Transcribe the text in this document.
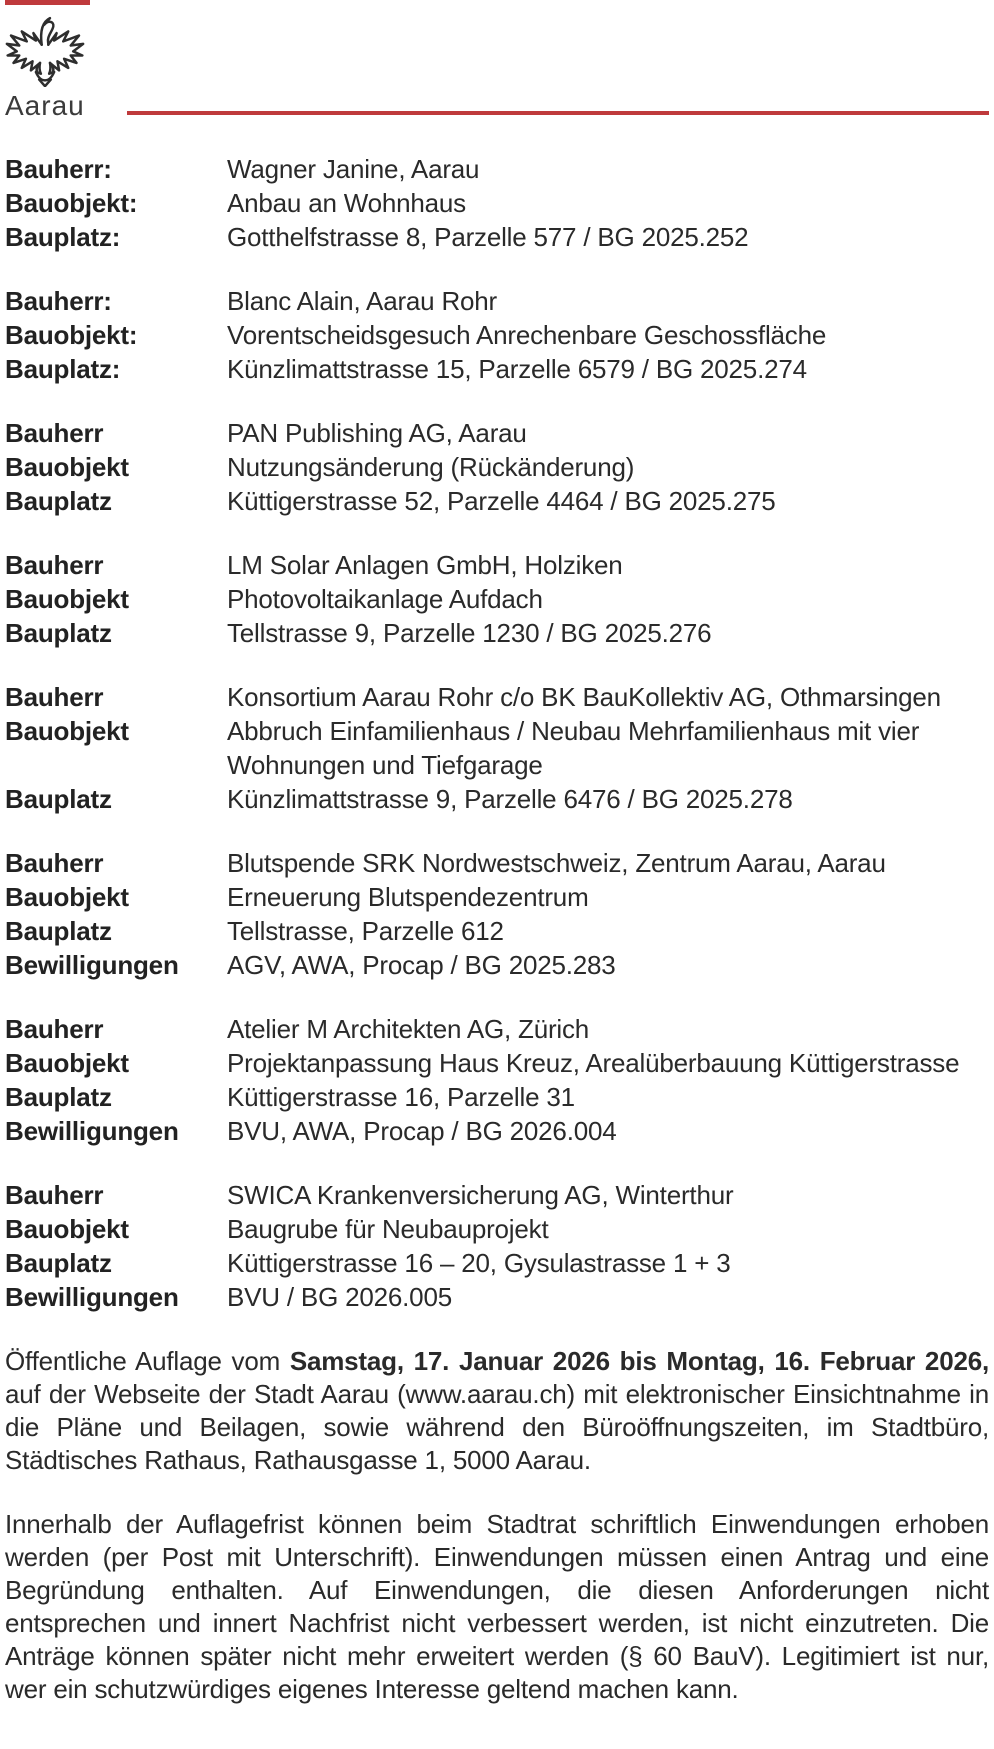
Aarau
Bauherr:	Wagner Janine, Aarau
Bauobjekt:	Anbau an Wohnhaus
Bauplatz:	Gotthelfstrasse 8, Parzelle 577 / BG 2025.252
Bauherr:	Blanc Alain, Aarau Rohr
Bauobjekt:	Vorentscheidsgesuch Anrechenbare Geschossfläche
Bauplatz:	Künzlimattstrasse 15, Parzelle 6579 / BG 2025.274
Bauherr	PAN Publishing AG, Aarau
Bauobjekt	Nutzungsänderung (Rückänderung)
Bauplatz	Küttigerstrasse 52, Parzelle 4464 / BG 2025.275
Bauherr	LM Solar Anlagen GmbH, Holziken
Bauobjekt	Photovoltaikanlage Aufdach
Bauplatz	Tellstrasse 9, Parzelle 1230 / BG 2025.276
Bauherr	Konsortium Aarau Rohr c/o BK BauKollektiv AG, Othmarsingen
Bauobjekt	Abbruch Einfamilienhaus / Neubau Mehrfamilienhaus mit vier Wohnungen und Tiefgarage
Bauplatz	Künzlimattstrasse 9, Parzelle 6476 / BG 2025.278
Bauherr	Blutspende SRK Nordwestschweiz, Zentrum Aarau, Aarau
Bauobjekt	Erneuerung Blutspendezentrum
Bauplatz	Tellstrasse, Parzelle 612
Bewilligungen	AGV, AWA, Procap / BG 2025.283
Bauherr	Atelier M Architekten AG, Zürich
Bauobjekt	Projektanpassung Haus Kreuz, Arealüberbauung Küttigerstrasse
Bauplatz	Küttigerstrasse 16, Parzelle 31
Bewilligungen	BVU, AWA, Procap / BG 2026.004
Bauherr	SWICA Krankenversicherung AG, Winterthur
Bauobjekt	Baugrube für Neubauprojekt
Bauplatz	Küttigerstrasse 16 – 20, Gysulastrasse 1 + 3
Bewilligungen	BVU / BG 2026.005

Öffentliche Auflage vom Samstag, 17. Januar 2026 bis Montag, 16. Februar 2026, auf der Webseite der Stadt Aarau (www.aarau.ch) mit elektronischer Einsichtnahme in die Pläne und Beilagen, sowie während den Büroöffnungszeiten, im Stadtbüro, Städtisches Rathaus, Rathausgasse 1, 5000 Aarau.

Innerhalb der Auflagefrist können beim Stadtrat schriftlich Einwendungen erhoben werden (per Post mit Unterschrift). Einwendungen müssen einen Antrag und eine Begründung enthalten. Auf Einwendungen, die diesen Anforderungen nicht entsprechen und innert Nachfrist nicht verbessert werden, ist nicht einzutreten. Die Anträge können später nicht mehr erweitert werden (§ 60 BauV). Legitimiert ist nur, wer ein schutzwürdiges eigenes Interesse geltend machen kann.
